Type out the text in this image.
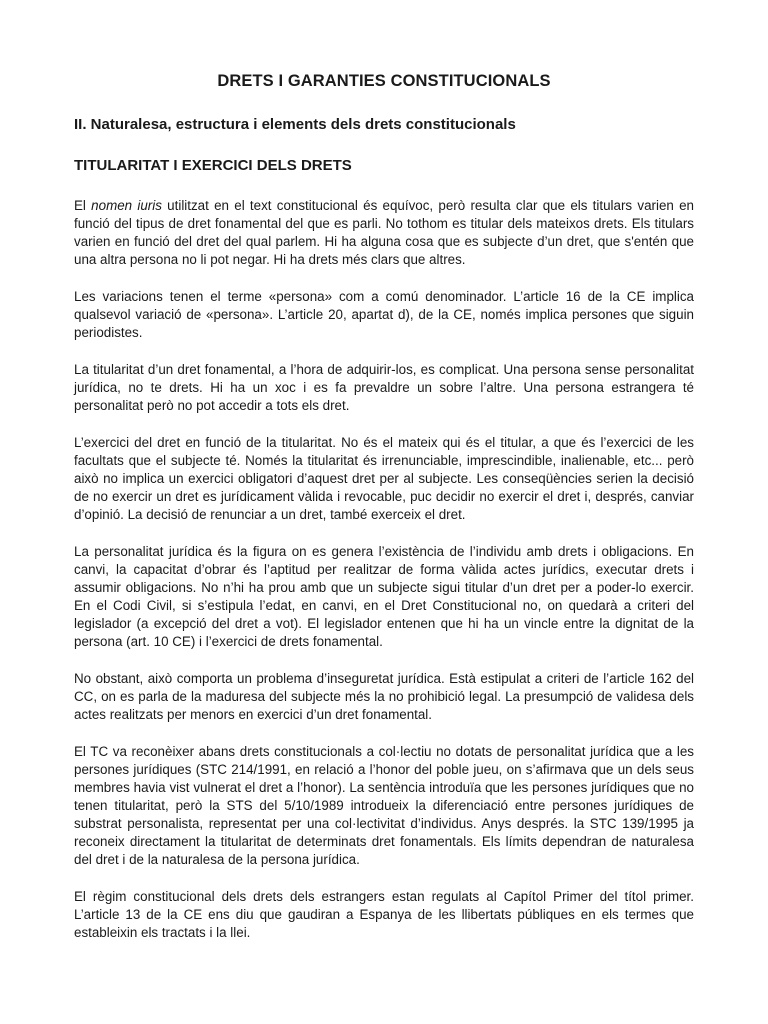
DRETS I GARANTIES CONSTITUCIONALS
II. Naturalesa, estructura i elements dels drets constitucionals
TITULARITAT I EXERCICI DELS DRETS

El nomen iuris utilitzat en el text constitucional és equívoc, però resulta clar que els titulars varien en funció del tipus de dret fonamental del que es parli. No tothom es titular dels mateixos drets. Els titulars varien en funció del dret del qual parlem. Hi ha alguna cosa que es subjecte d’un dret, que s'entén que una altra persona no li pot negar. Hi ha drets més clars que altres.

Les variacions tenen el terme «persona» com a comú denominador. L’article 16 de la CE implica qualsevol variació de «persona». L’article 20, apartat d), de la CE, només implica persones que siguin periodistes.

La titularitat d’un dret fonamental, a l’hora de adquirir-los, es complicat. Una persona sense personalitat jurídica, no te drets. Hi ha un xoc i es fa prevaldre un sobre l’altre. Una persona estrangera té personalitat però no pot accedir a tots els dret.

L’exercici del dret en funció de la titularitat. No és el mateix qui és el titular, a que és l’exercici de les facultats que el subjecte té. Només la titularitat és irrenunciable, imprescindible, inalienable, etc... però això no implica un exercici obligatori d’aquest dret per al subjecte. Les conseqüències serien la decisió de no exercir un dret es jurídicament vàlida i revocable, puc decidir no exercir el dret i, després, canviar d’opinió. La decisió de renunciar a un dret, també exerceix el dret.

La personalitat jurídica és la figura on es genera l’existència de l’individu amb drets i obligacions. En canvi, la capacitat d’obrar és l’aptitud per realitzar de forma vàlida actes jurídics, executar drets i assumir obligacions. No n’hi ha prou amb que un subjecte sigui titular d’un dret per a poder-lo exercir. En el Codi Civil, si s’estipula l’edat, en canvi, en el Dret Constitucional no, on quedarà a criteri del legislador (a excepció del dret a vot). El legislador entenen que hi ha un vincle entre la dignitat de la persona (art. 10 CE) i l’exercici de drets fonamental.

No obstant, això comporta un problema d’inseguretat jurídica. Està estipulat a criteri de l’article 162 del CC, on es parla de la maduresa del subjecte més la no prohibició legal. La presumpció de validesa dels actes realitzats per menors en exercici d’un dret fonamental.

El TC va reconèixer abans drets constitucionals a col·lectiu no dotats de personalitat jurídica que a les persones jurídiques (STC 214/1991, en relació a l’honor del poble jueu, on s’afirmava que un dels seus membres havia vist vulnerat el dret a l’honor). La sentència introduïa que les persones jurídiques que no tenen titularitat, però la STS del 5/10/1989 introdueix la diferenciació entre persones jurídiques de substrat personalista, representat per una col·lectivitat d’individus. Anys després. la STC 139/1995 ja reconeix directament la titularitat de determinats dret fonamentals. Els límits dependran de naturalesa del dret i de la naturalesa de la persona jurídica.

El règim constitucional dels drets dels estrangers estan regulats al Capítol Primer del títol primer. L’article 13 de la CE ens diu que gaudiran a Espanya de les llibertats públiques en els termes que estableixin els tractats i la llei.
